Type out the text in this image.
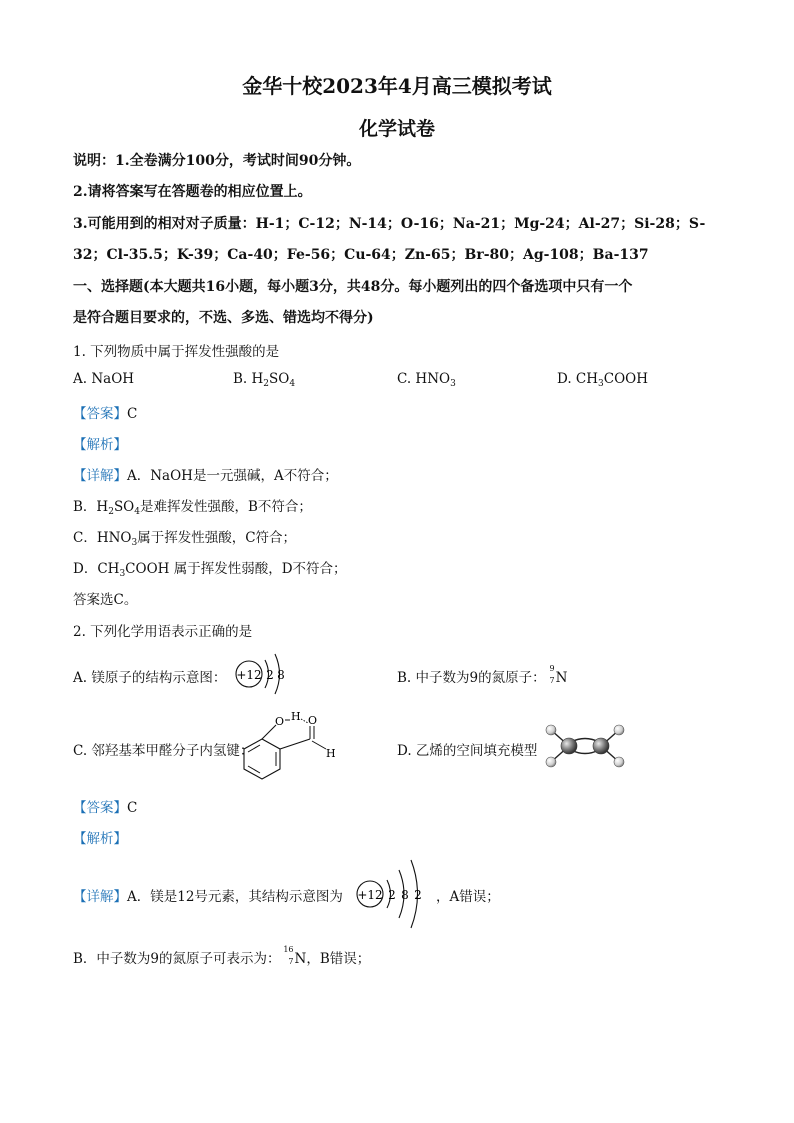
金华十校2023年4月高三模拟考试
化学试卷
说明：1.全卷满分100分，考试时间90分钟。
2.请将答案写在答题卷的相应位置上。
3.可能用到的相对对子质量：H-1；C-12；N-14；O-16；Na-21；Mg-24；Al-27；Si-28；S-
32；Cl-35.5；K-39；Ca-40；Fe-56；Cu-64；Zn-65；Br-80；Ag-108；Ba-137
一、选择题(本大题共16小题，每小题3分，共48分。每小题列出的四个备选项中只有一个
是符合题目要求的，不选、多选、错选均不得分)
1. 下列物质中属于挥发性强酸的是
A. NaOH	B. $H_2SO_4$	C. $HNO_3$	D. $CH_3COOH$
【答案】C
【解析】
【详解】A．NaOH是一元强碱，A不符合；
B．$H_2SO_4$是难挥发性强酸，B不符合；
C．$HNO_3$属于挥发性强酸，C符合；
D．$CH_3COOH$ 属于挥发性弱酸，D不符合；
答案选C。
2. 下列化学用语表示正确的是
A. 镁原子的结构示意图： +12 2 8	B. 中子数为9的氮原子：
9
7 N
C. 邻羟基苯甲醛分子内氢键：
O H O
H	D. 乙烯的空间填充模型
【答案】C
【解析】
【详解】A．镁是12号元素，其结构示意图为 +12 2 8 2 ，A错误；
B．中子数为9的氮原子可表示为：
16
7 N，B错误；
